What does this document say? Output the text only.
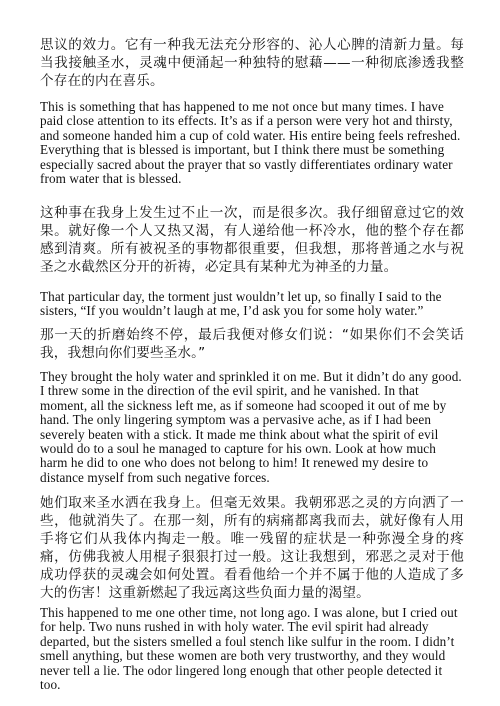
思议的效力。它有一种我无法充分形容的、沁人心脾的清新力量。每当我接触圣水，灵魂中便涌起一种独特的慰藉——一种彻底渗透我整个存在的内在喜乐。

This is something that has happened to me not once but many times. I have paid close attention to its effects. It’s as if a person were very hot and thirsty, and someone handed him a cup of cold water. His entire being feels refreshed. Everything that is blessed is important, but I think there must be something especially sacred about the prayer that so vastly differentiates ordinary water from water that is blessed.

这种事在我身上发生过不止一次，而是很多次。我仔细留意过它的效果。就好像一个人又热又渴，有人递给他一杯冷水，他的整个存在都感到清爽。所有被祝圣的事物都很重要，但我想，那将普通之水与祝圣之水截然区分开的祈祷，必定具有某种尤为神圣的力量。

That particular day, the torment just wouldn’t let up, so finally I said to the sisters, “If you wouldn’t laugh at me, I’d ask you for some holy water.”

那一天的折磨始终不停，最后我便对修女们说：“如果你们不会笑话我，我想向你们要些圣水。”

They brought the holy water and sprinkled it on me. But it didn’t do any good. I threw some in the direction of the evil spirit, and he vanished. In that moment, all the sickness left me, as if someone had scooped it out of me by hand. The only lingering symptom was a pervasive ache, as if I had been severely beaten with a stick. It made me think about what the spirit of evil would do to a soul he managed to capture for his own. Look at how much harm he did to one who does not belong to him! It renewed my desire to distance myself from such negative forces.

她们取来圣水洒在我身上。但毫无效果。我朝邪恶之灵的方向洒了一些，他就消失了。在那一刻，所有的病痛都离我而去，就好像有人用手将它们从我体内掏走一般。唯一残留的症状是一种弥漫全身的疼痛，仿佛我被人用棍子狠狠打过一般。这让我想到，邪恶之灵对于他成功俘获的灵魂会如何处置。看看他给一个并不属于他的人造成了多大的伤害！这重新燃起了我远离这些负面力量的渴望。

This happened to me one other time, not long ago. I was alone, but I cried out for help. Two nuns rushed in with holy water. The evil spirit had already departed, but the sisters smelled a foul stench like sulfur in the room. I didn’t smell anything, but these women are both very trustworthy, and they would never tell a lie. The odor lingered long enough that other people detected it too.
